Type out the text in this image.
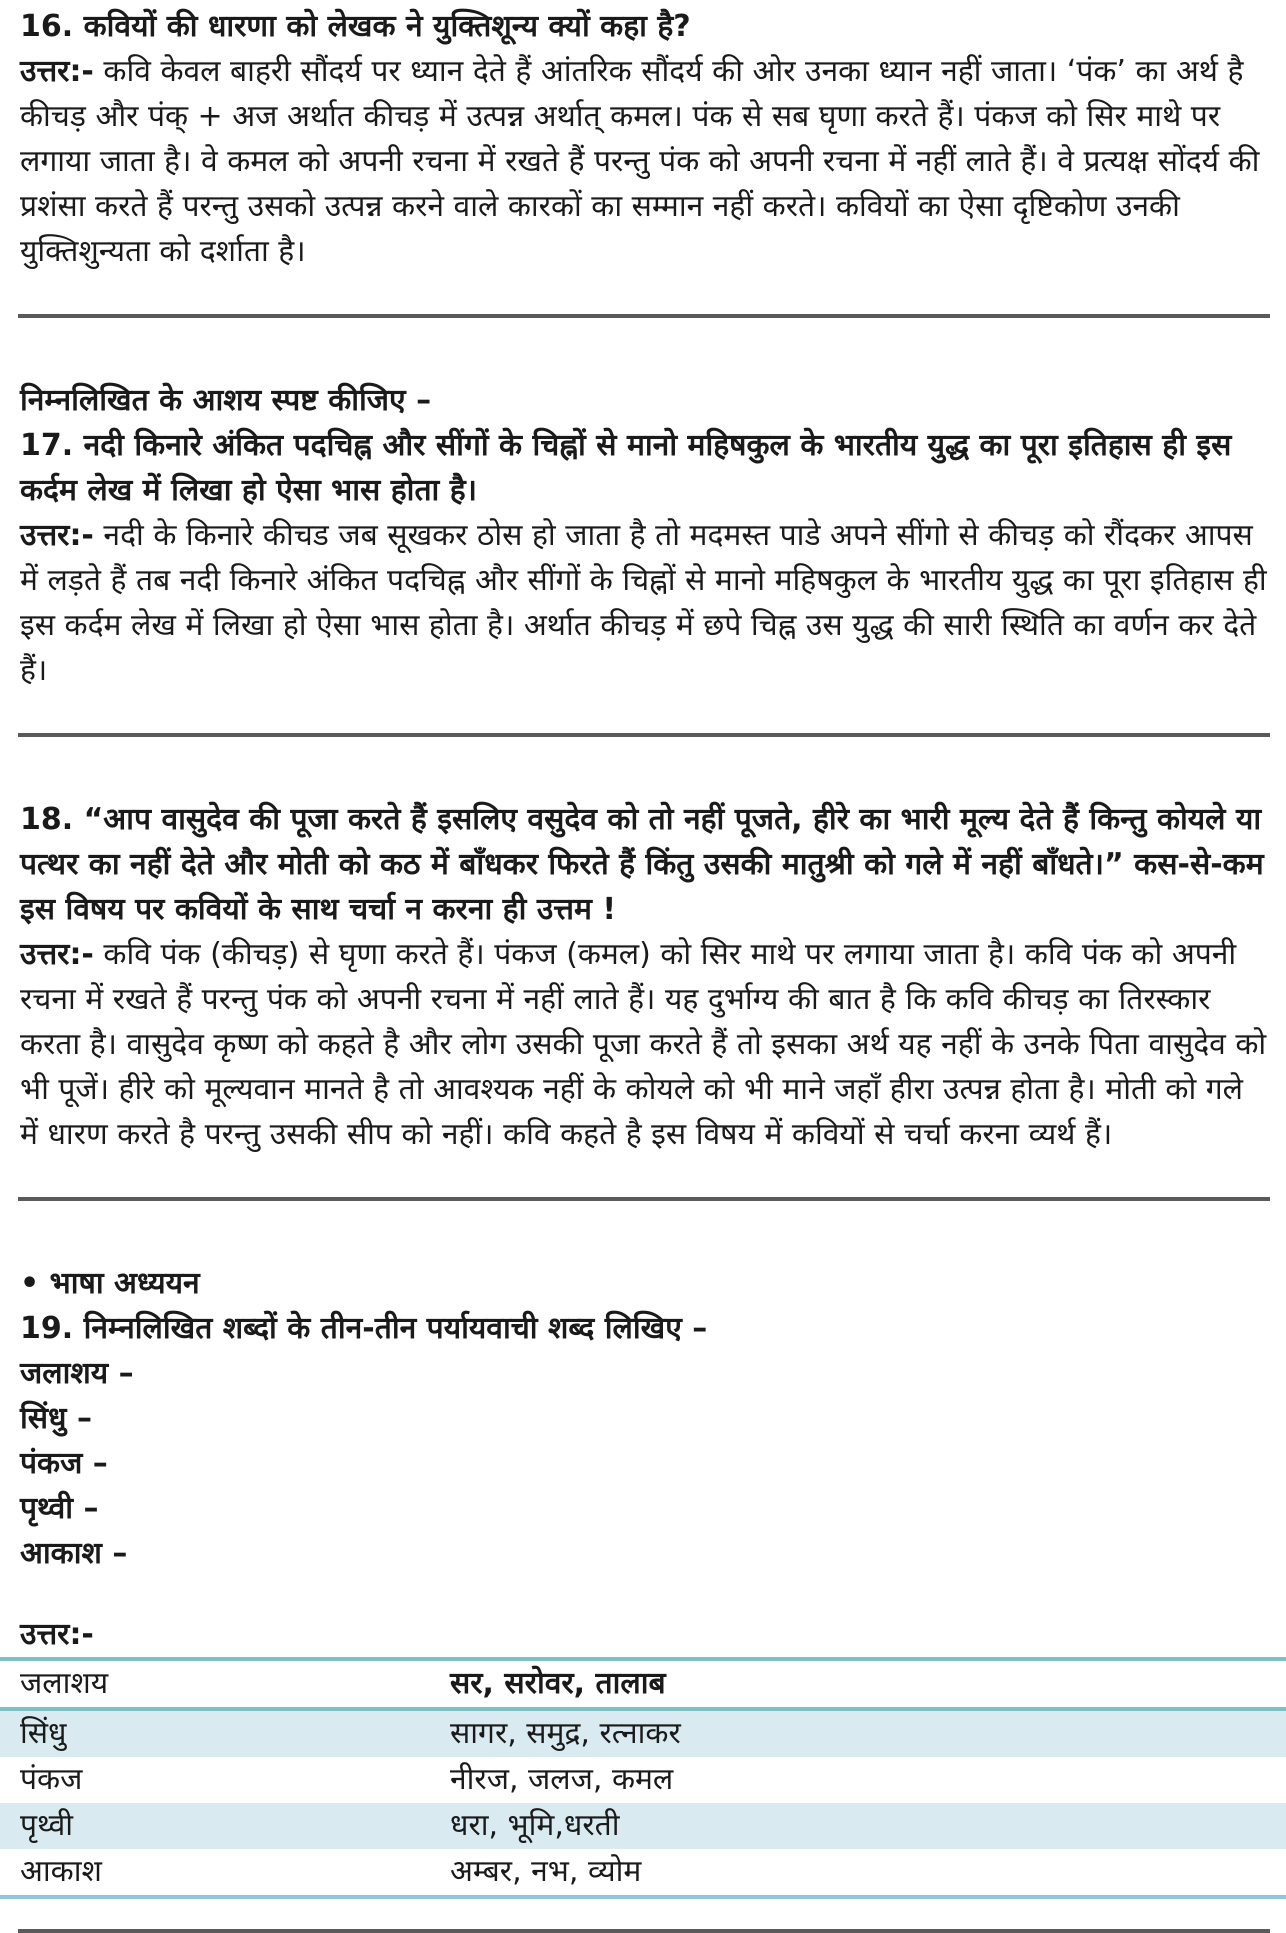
16. कवियों की धारणा को लेखक ने युक्तिशून्य क्यों कहा है?

उत्तर:- कवि केवल बाहरी सौंदर्य पर ध्यान देते हैं आंतरिक सौंदर्य की ओर उनका ध्यान नहीं जाता। ‘पंक’ का अर्थ है कीचड़ और पंक् + अज अर्थात कीचड़ में उत्पन्न अर्थात् कमल। पंक से सब घृणा करते हैं। पंकज को सिर माथे पर लगाया जाता है। वे कमल को अपनी रचना में रखते हैं परन्तु पंक को अपनी रचना में नहीं लाते हैं। वे प्रत्यक्ष सोंदर्य की प्रशंसा करते हैं परन्तु उसको उत्पन्न करने वाले कारकों का सम्मान नहीं करते। कवियों का ऐसा दृष्टिकोण उनकी युक्तिशुन्यता को दर्शाता है।

निम्नलिखित के आशय स्पष्ट कीजिए –

17. नदी किनारे अंकित पदचिह्न और सींगों के चिह्नों से मानो महिषकुल के भारतीय युद्ध का पूरा इतिहास ही इस कर्दम लेख में लिखा हो ऐसा भास होता है।

उत्तर:- नदी के किनारे कीचड जब सूखकर ठोस हो जाता है तो मदमस्त पाडे अपने सींगो से कीचड़ को रौंदकर आपस में लड़ते हैं तब नदी किनारे अंकित पदचिह्न और सींगों के चिह्नों से मानो महिषकुल के भारतीय युद्ध का पूरा इतिहास ही इस कर्दम लेख में लिखा हो ऐसा भास होता है। अर्थात कीचड़ में छपे चिह्न उस युद्ध की सारी स्थिति का वर्णन कर देते हैं।

18. “आप वासुदेव की पूजा करते हैं इसलिए वसुदेव को तो नहीं पूजते, हीरे का भारी मूल्य देते हैं किन्तु कोयले या पत्थर का नहीं देते और मोती को कठ में बाँधकर फिरते हैं किंतु उसकी मातुश्री को गले में नहीं बाँधते।” कस-से-कम इस विषय पर कवियों के साथ चर्चा न करना ही उत्तम !

उत्तर:- कवि पंक (कीचड़) से घृणा करते हैं। पंकज (कमल) को सिर माथे पर लगाया जाता है। कवि पंक को अपनी रचना में रखते हैं परन्तु पंक को अपनी रचना में नहीं लाते हैं। यह दुर्भाग्य की बात है कि कवि कीचड़ का तिरस्कार करता है। वासुदेव कृष्ण को कहते है और लोग उसकी पूजा करते हैं तो इसका अर्थ यह नहीं के उनके पिता वासुदेव को भी पूजें। हीरे को मूल्यवान मानते है तो आवश्यक नहीं के कोयले को भी माने जहाँ हीरा उत्पन्न होता है। मोती को गले में धारण करते है परन्तु उसकी सीप को नहीं। कवि कहते है इस विषय में कवियों से चर्चा करना व्यर्थ हैं।

• भाषा अध्ययन

19. निम्नलिखित शब्दों के तीन-तीन पर्यायवाची शब्द लिखिए –

जलाशय –

सिंधु –

पंकज –

पृथ्वी –

आकाश –

उत्तर:-

जलाशय	सर, सरोवर, तालाब
सिंधु	सागर, समुद्र, रत्नाकर
पंकज	नीरज, जलज, कमल
पृथ्वी	धरा, भूमि,धरती
आकाश	अम्बर, नभ, व्योम
